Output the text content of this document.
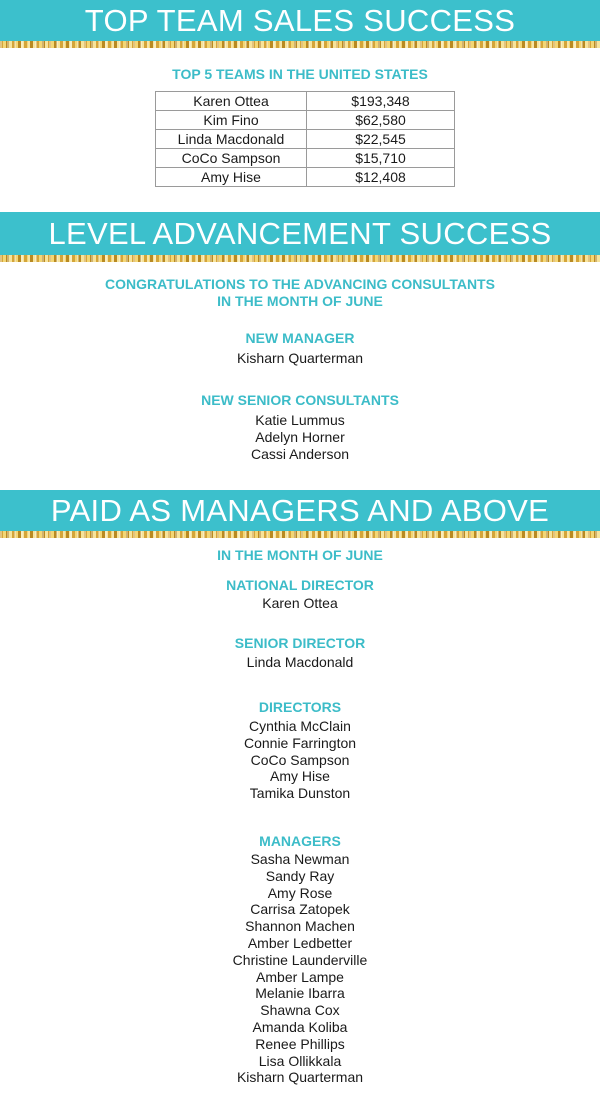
TOP TEAM SALES SUCCESS
TOP 5 TEAMS IN THE UNITED STATES
Karen Ottea	$193,348
Kim Fino	$62,580
Linda Macdonald	$22,545
CoCo Sampson	$15,710
Amy Hise	$12,408
LEVEL ADVANCEMENT SUCCESS
CONGRATULATIONS TO THE ADVANCING CONSULTANTS
IN THE MONTH OF JUNE
NEW MANAGER
Kisharn Quarterman
NEW SENIOR CONSULTANTS
Katie Lummus
Adelyn Horner
Cassi Anderson
PAID AS MANAGERS AND ABOVE
IN THE MONTH OF JUNE
NATIONAL DIRECTOR
Karen Ottea
SENIOR DIRECTOR
Linda Macdonald
DIRECTORS
Cynthia McClain
Connie Farrington
CoCo Sampson
Amy Hise
Tamika Dunston
MANAGERS
Sasha Newman
Sandy Ray
Amy Rose
Carrisa Zatopek
Shannon Machen
Amber Ledbetter
Christine Launderville
Amber Lampe
Melanie Ibarra
Shawna Cox
Amanda Koliba
Renee Phillips
Lisa Ollikkala
Kisharn Quarterman
